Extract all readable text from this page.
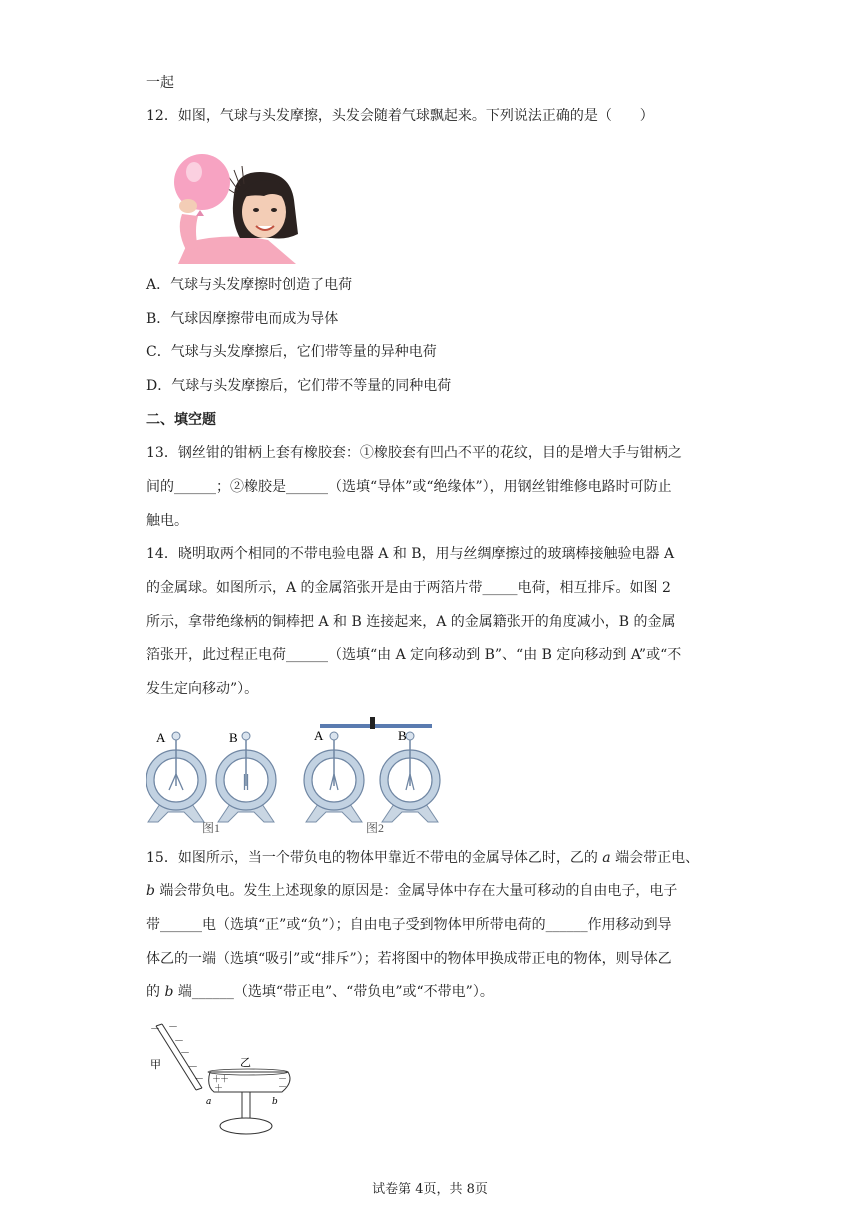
一起
12．如图，气球与头发摩擦，头发会随着气球飘起来。下列说法正确的是（　　）
A．气球与头发摩擦时创造了电荷
B．气球因摩擦带电而成为导体
C．气球与头发摩擦后，它们带等量的异种电荷
D．气球与头发摩擦后，它们带不等量的同种电荷
二、填空题
13．钢丝钳的钳柄上套有橡胶套：①橡胶套有凹凸不平的花纹，目的是增大手与钳柄之
间的______；②橡胶是______（选填“导体”或“绝缘体”），用钢丝钳维修电路时可防止
触电。
14．晓明取两个相同的不带电验电器 A 和 B，用与丝绸摩擦过的玻璃棒接触验电器 A
的金属球。如图所示，A 的金属箔张开是由于两箔片带_____电荷，相互排斥。如图 2
所示，拿带绝缘柄的铜棒把 A 和 B 连接起来，A 的金属籍张开的角度减小，B 的金属
箔张开，此过程正电荷______（选填“由 A 定向移动到 B”、“由 B 定向移动到 A”或“不
发生定向移动”）。
A	B	A	B
图1	图2
15．如图所示，当一个带负电的物体甲靠近不带电的金属导体乙时，乙的 a 端会带正电、
b 端会带负电。发生上述现象的原因是：金属导体中存在大量可移动的自由电子，电子
带______电（选填“正”或“负”）；自由电子受到物体甲所带电荷的______作用移动到导
体乙的一端（选填“吸引”或“排斥”）；若将图中的物体甲换成带正电的物体，则导体乙
的 b 端______（选填“带正电”、“带负电”或“不带电”）。
－ －
－
－
－
－
甲	乙
＋
＋
＋
－
－
a	b
试卷第 4页，共 8页
